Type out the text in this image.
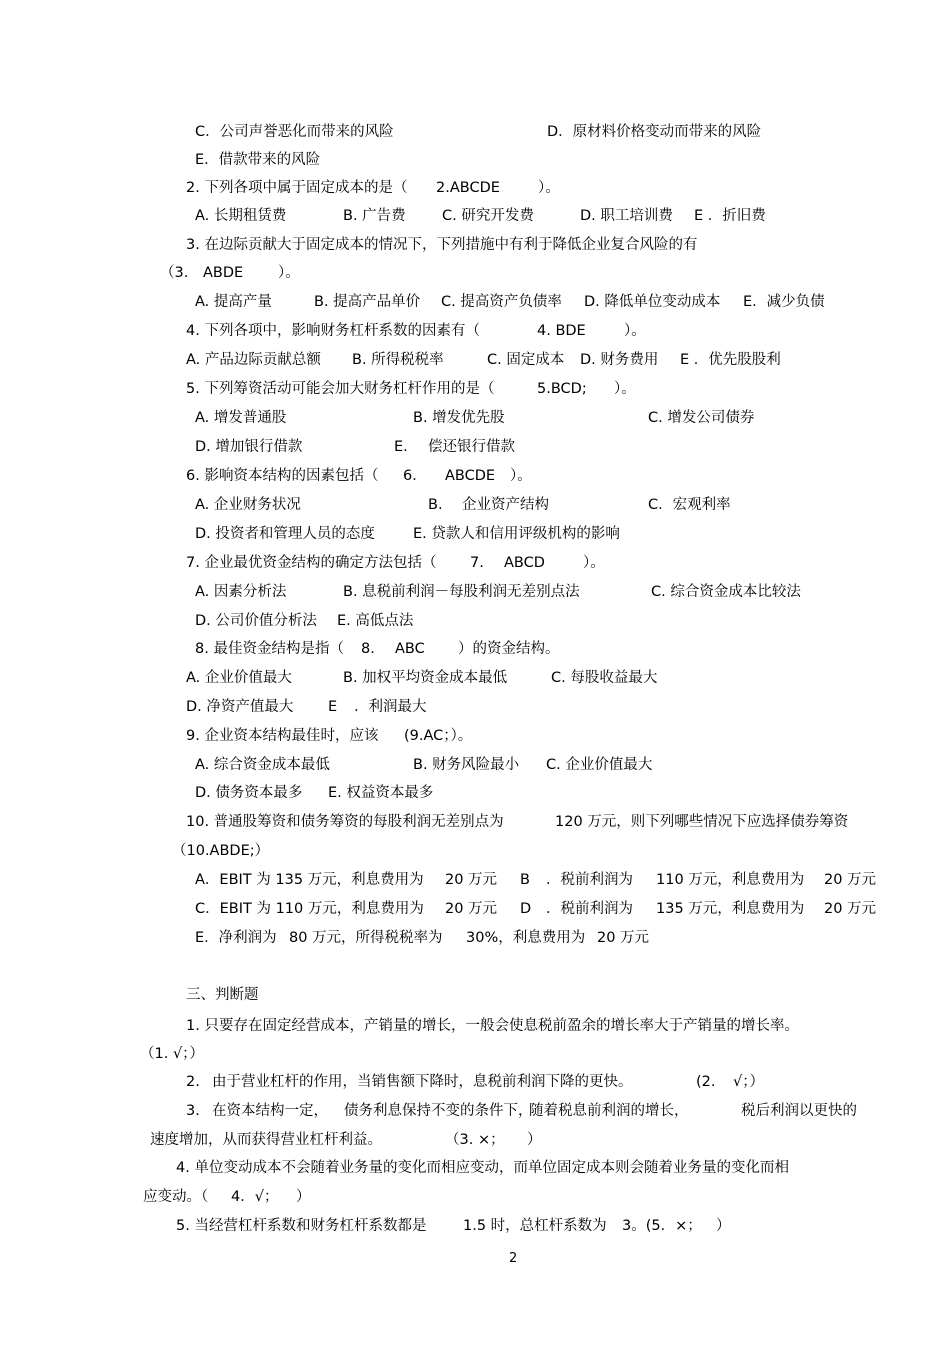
C．公司声誉恶化而带来的风险	D．原材料价格变动而带来的风险
E．借款带来的风险
2. 下列各项中属于固定成本的是（ 2.ABCDE	）。
A. 长期租赁费	B. 广告费	C. 研究开发费	D. 职工培训费 E ．折旧费
3. 在边际贡献大于固定成本的情况下，下列措施中有利于降低企业复合风险的有
（3. ABDE ）。
A. 提高产量	B. 提高产品单价 C. 提高资产负债率 D. 降低单位变动成本 E．减少负债
4. 下列各项中，影响财务杠杆系数的因素有（	4. BDE	）。
A. 产品边际贡献总额 B. 所得税税率	C. 固定成本 D. 财务费用 E ．优先股股利
5. 下列筹资活动可能会加大财务杠杆作用的是（	5.BCD; ）。
A. 增发普通股	B. 增发优先股	C. 增发公司债券
D. 增加银行借款	E. 偿还银行借款
6. 影响资本结构的因素包括（ 6． ABCDE ）。
A. 企业财务状况	B. 企业资产结构	C．宏观利率
D. 投资者和管理人员的态度	E. 贷款人和信用评级机构的影响
7. 企业最优资金结构的确定方法包括（ 7. ABCD	）。
A. 因素分析法	B. 息税前利润－每股利润无差别点法	C. 综合资金成本比较法
D. 公司价值分析法 E. 高低点法
8. 最佳资金结构是指（ 8. ABC ）的资金结构。
A. 企业价值最大	B. 加权平均资金成本最低	C. 每股收益最大
D. 净资产值最大 E ．利润最大
9. 企业资本结构最佳时，应该 (9.AC；）。
A. 综合资金成本最低	B. 财务风险最小 C. 企业价值最大
D. 债务资本最多 E. 权益资本最多
10. 普通股筹资和债务筹资的每股利润无差别点为	120 万元，则下列哪些情况下应选择债券筹资
（10.ABDE;）
A．EBIT 为 135 万元，利息费用为 20 万元 B ．税前利润为 110 万元，利息费用为 20 万元
C．EBIT 为 110 万元，利息费用为 20 万元 D ．税前利润为 135 万元，利息费用为 20 万元
E．净利润为 80 万元，所得税税率为 30%，利息费用为 20 万元
三、判断题
1. 只要存在固定经营成本，产销量的增长，一般会使息税前盈余的增长率大于产销量的增长率。
（1. √；）
2. 由于营业杠杆的作用，当销售额下降时，息税前利润下降的更快。	(2. √；）
3. 在资本结构一定， 债务利息保持不变的条件下，
随着税息前利润的增长，	税后利润以更快的
速度增加，从而获得营业杠杆利益。	（3. ×； ）
4. 单位变动成本不会随着业务量的变化而相应变动，而单位固定成本则会随着业务量的变化而相
应变动。（ 4．√； ）
5. 当经营杠杆系数和财务杠杆系数都是	1.5 时，总杠杆系数为 3。(5．×； ）
2
